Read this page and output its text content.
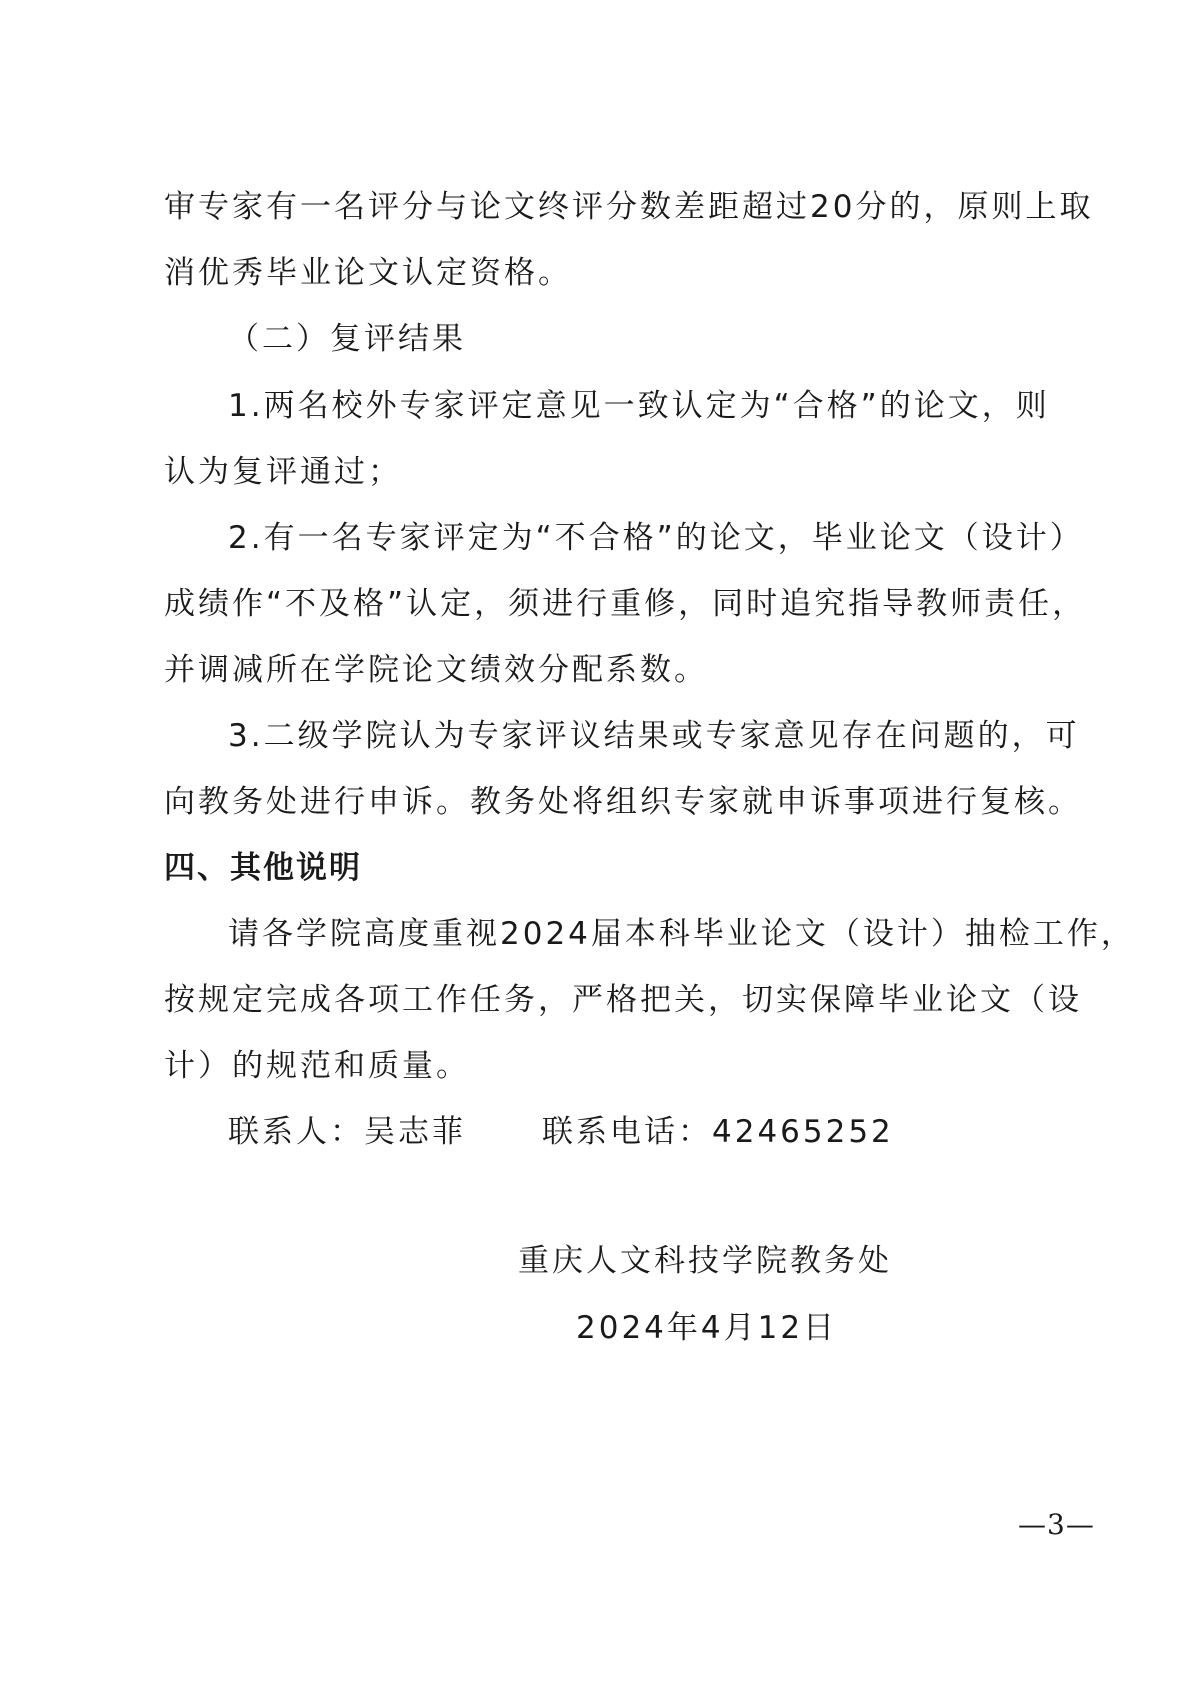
审专家有一名评分与论文终评分数差距超过20分的，原则上取
消优秀毕业论文认定资格。
（二）复评结果
1.两名校外专家评定意见一致认定为“合格”的论文，则
认为复评通过；
2.有一名专家评定为“不合格”的论文，毕业论文（设计）
成绩作“不及格”认定，须进行重修，同时追究指导教师责任，
并调减所在学院论文绩效分配系数。
3.二级学院认为专家评议结果或专家意见存在问题的，可
向教务处进行申诉。教务处将组织专家就申诉事项进行复核。
四、其他说明
请各学院高度重视2024届本科毕业论文（设计）抽检工作，
按规定完成各项工作任务，严格把关，切实保障毕业论文（设
计）的规范和质量。
联系人：吴志菲 联系电话：42465252
重庆人文科技学院教务处
2024年4月12日
—3—
